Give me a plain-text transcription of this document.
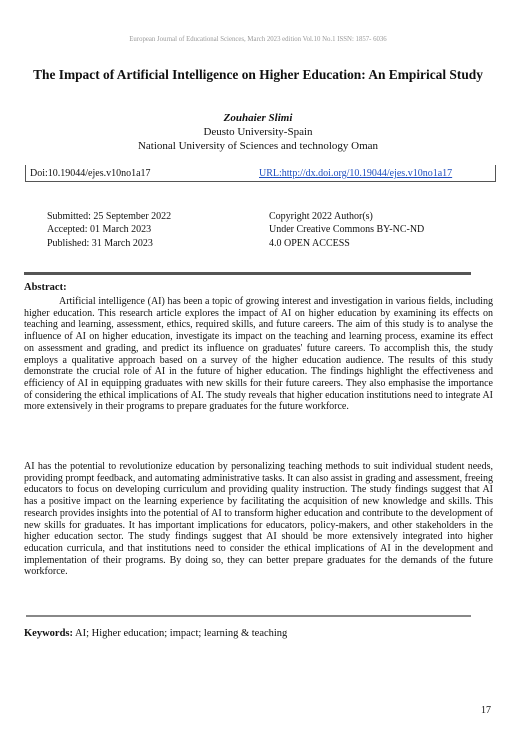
European Journal of Educational Sciences, March 2023 edition Vol.10 No.1 ISSN: 1857- 6036
The Impact of Artificial Intelligence on Higher Education: An Empirical Study
Zouhaier Slimi
Deusto University-Spain
National University of Sciences and technology Oman
Doi:10.19044/ejes.v10no1a17	URL:http://dx.doi.org/10.19044/ejes.v10no1a17
Submitted: 25 September 2022
Accepted: 01 March 2023
Published: 31 March 2023
Copyright 2022 Author(s)
Under Creative Commons BY-NC-ND
4.0 OPEN ACCESS
Abstract:
Artificial intelligence (AI) has been a topic of growing interest and investigation in various fields, including higher education. This research article explores the impact of AI on higher education by examining its effects on teaching and learning, assessment, ethics, required skills, and future careers. The aim of this study is to analyse the influence of AI on higher education, investigate its impact on the teaching and learning process, examine its effect on assessment and grading, and predict its influence on graduates' future careers. To accomplish this, the study employs a qualitative approach based on a survey of the higher education audience. The results of this study demonstrate the crucial role of AI in the future of higher education. The findings highlight the effectiveness and efficiency of AI in equipping graduates with new skills for their future careers. They also emphasise the importance of considering the ethical implications of AI. The study reveals that higher education institutions need to integrate AI more extensively in their programs to prepare graduates for the future workforce.
AI has the potential to revolutionize education by personalizing teaching methods to suit individual student needs, providing prompt feedback, and automating administrative tasks. It can also assist in grading and assessment, freeing educators to focus on developing curriculum and providing quality instruction. The study findings suggest that AI has a positive impact on the learning experience by facilitating the acquisition of new knowledge and skills. This research provides insights into the potential of AI to transform higher education and contribute to the development of new skills for graduates. It has important implications for educators, policy-makers, and other stakeholders in the higher education sector. The study findings suggest that AI should be more extensively integrated into higher education curricula, and that institutions need to consider the ethical implications of AI in the development and implementation of their programs. By doing so, they can better prepare graduates for the demands of the future workforce.
Keywords: AI; Higher education; impact; learning & teaching
17
